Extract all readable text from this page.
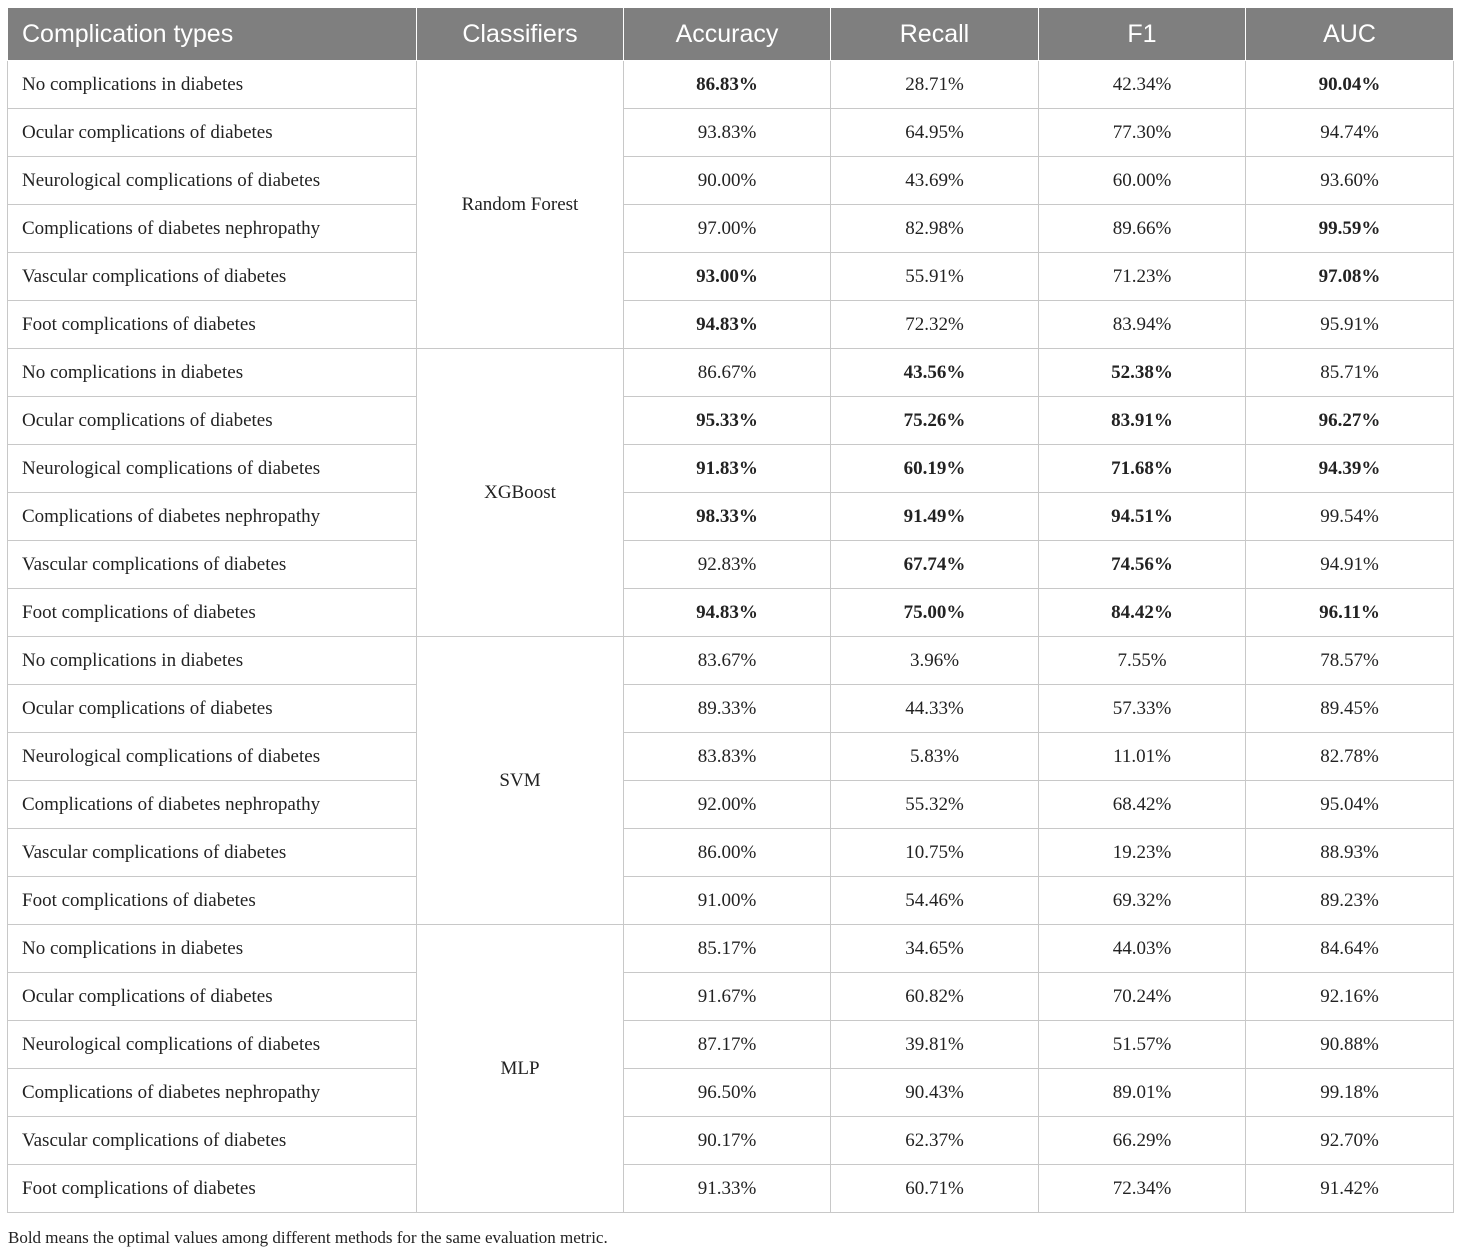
Complication types	Classifiers	Accuracy	Recall	F1	AUC
No complications in diabetes	Random Forest	86.83%	28.71%	42.34%	90.04%
Ocular complications of diabetes		93.83%	64.95%	77.30%	94.74%
Neurological complications of diabetes		90.00%	43.69%	60.00%	93.60%
Complications of diabetes nephropathy		97.00%	82.98%	89.66%	99.59%
Vascular complications of diabetes		93.00%	55.91%	71.23%	97.08%
Foot complications of diabetes		94.83%	72.32%	83.94%	95.91%
No complications in diabetes	XGBoost	86.67%	43.56%	52.38%	85.71%
Ocular complications of diabetes		95.33%	75.26%	83.91%	96.27%
Neurological complications of diabetes		91.83%	60.19%	71.68%	94.39%
Complications of diabetes nephropathy		98.33%	91.49%	94.51%	99.54%
Vascular complications of diabetes		92.83%	67.74%	74.56%	94.91%
Foot complications of diabetes		94.83%	75.00%	84.42%	96.11%
No complications in diabetes	SVM	83.67%	3.96%	7.55%	78.57%
Ocular complications of diabetes		89.33%	44.33%	57.33%	89.45%
Neurological complications of diabetes		83.83%	5.83%	11.01%	82.78%
Complications of diabetes nephropathy		92.00%	55.32%	68.42%	95.04%
Vascular complications of diabetes		86.00%	10.75%	19.23%	88.93%
Foot complications of diabetes		91.00%	54.46%	69.32%	89.23%
No complications in diabetes	MLP	85.17%	34.65%	44.03%	84.64%
Ocular complications of diabetes		91.67%	60.82%	70.24%	92.16%
Neurological complications of diabetes		87.17%	39.81%	51.57%	90.88%
Complications of diabetes nephropathy		96.50%	90.43%	89.01%	99.18%
Vascular complications of diabetes		90.17%	62.37%	66.29%	92.70%
Foot complications of diabetes		91.33%	60.71%	72.34%	91.42%

Bold means the optimal values among different methods for the same evaluation metric.
